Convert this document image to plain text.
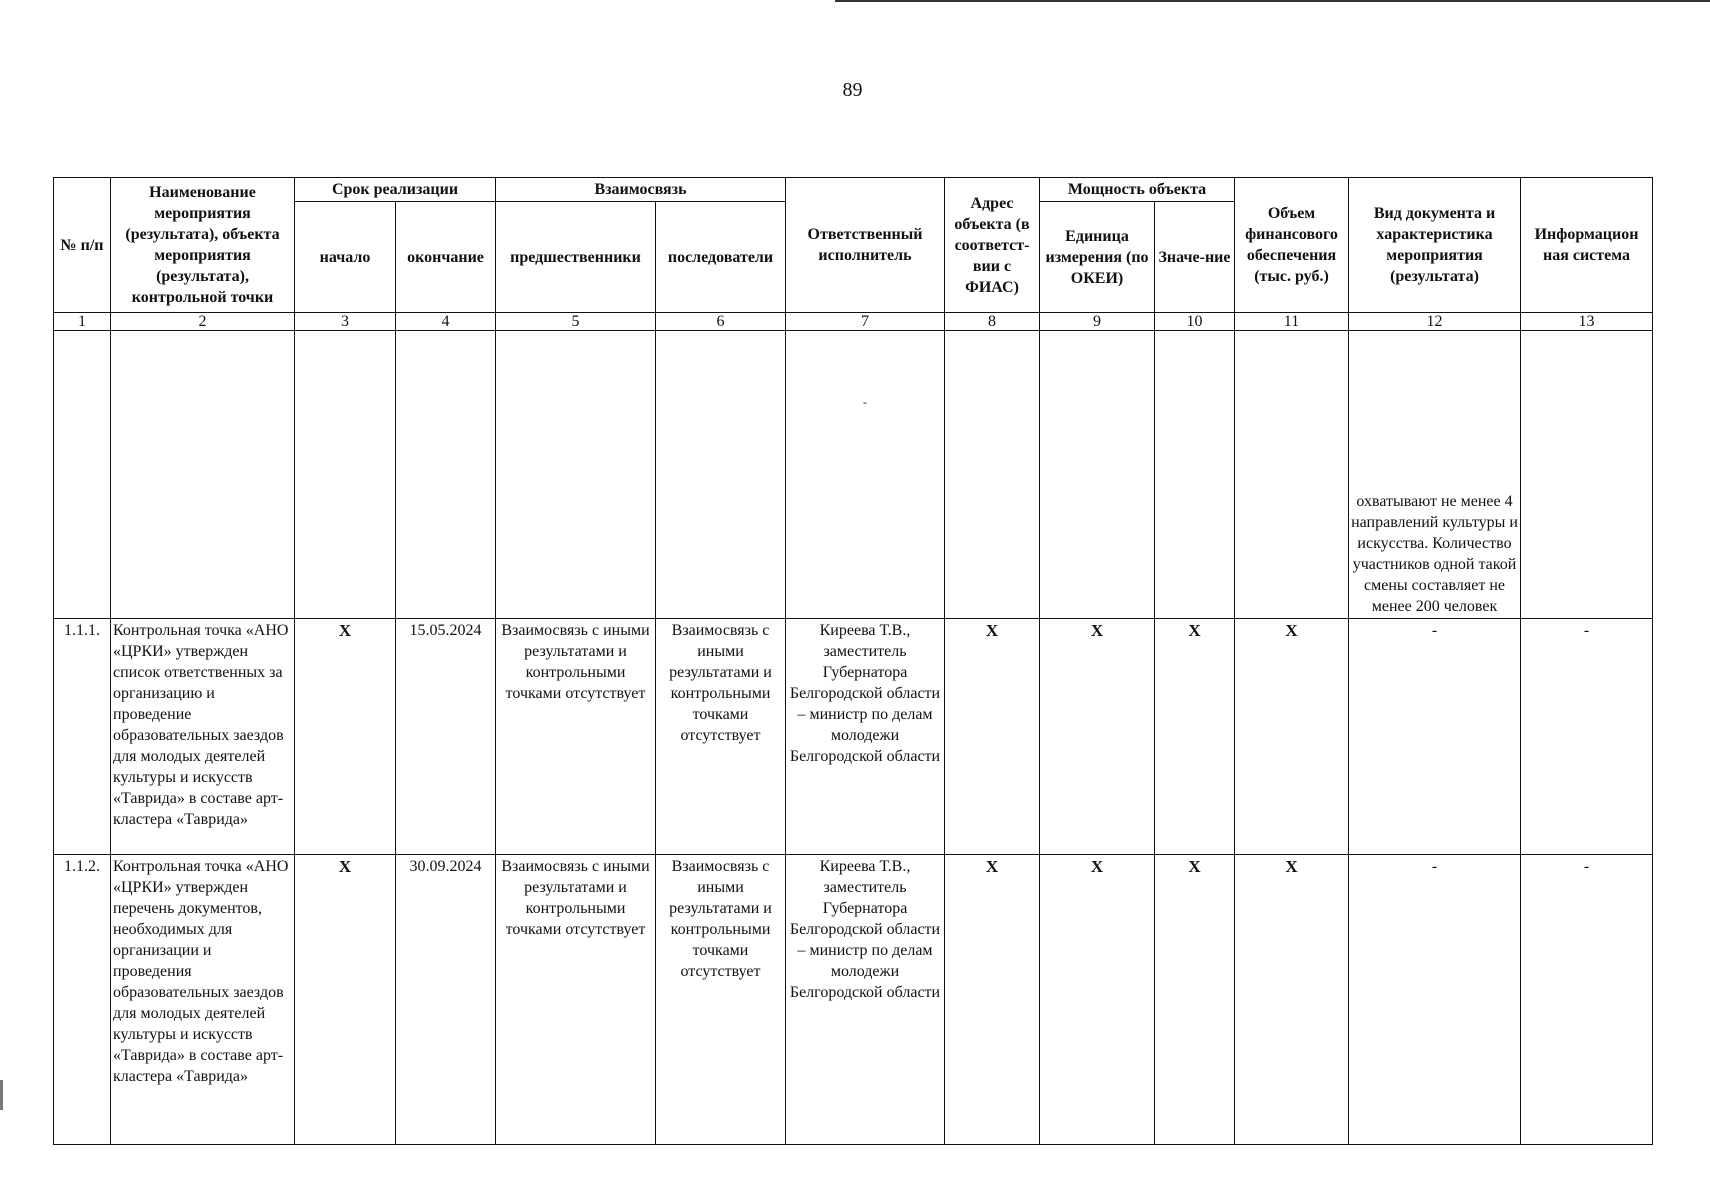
89
№ п/п	Наименование мероприятия (результата), объекта мероприятия (результата), контрольной точки	Срок реализации		Взаимосвязь		Ответственный исполнитель	Адрес объекта (в соответст-вии с ФИАС)	Мощность объекта		Объем финансового обеспечения (тыс. руб.)	Вид документа и характеристика мероприятия (результата)	Информацион ная система
		начало	окончание	предшественники	последователи			Единица измерения (по ОКЕИ)	Значе-ние			
1	2	3	4	5	6	7	8	9	10	11	12	13
						-					охватывают не менее 4 направлений культуры и искусства. Количество участников одной такой смены составляет не менее 200 человек	
1.1.1.	Контрольная точка «АНО «ЦРКИ» утвержден список ответственных за организацию и проведение образовательных заездов для молодых деятелей культуры и искусств «Таврида» в составе арт-кластера «Таврида»	X	15.05.2024	Взаимосвязь с иными результатами и контрольными точками отсутствует	Взаимосвязь с иными результатами и контрольными точками отсутствует	Киреева Т.В., заместитель Губернатора Белгородской области – министр по делам молодежи Белгородской области	X	X	X	X	-	-
1.1.2.	Контрольная точка «АНО «ЦРКИ» утвержден перечень документов, необходимых для организации и проведения образовательных заездов для молодых деятелей культуры и искусств «Таврида» в составе арт-кластера «Таврида»	X	30.09.2024	Взаимосвязь с иными результатами и контрольными точками отсутствует	Взаимосвязь с иными результатами и контрольными точками отсутствует	Киреева Т.В., заместитель Губернатора Белгородской области – министр по делам молодежи Белгородской области	X	X	X	X	-	-
